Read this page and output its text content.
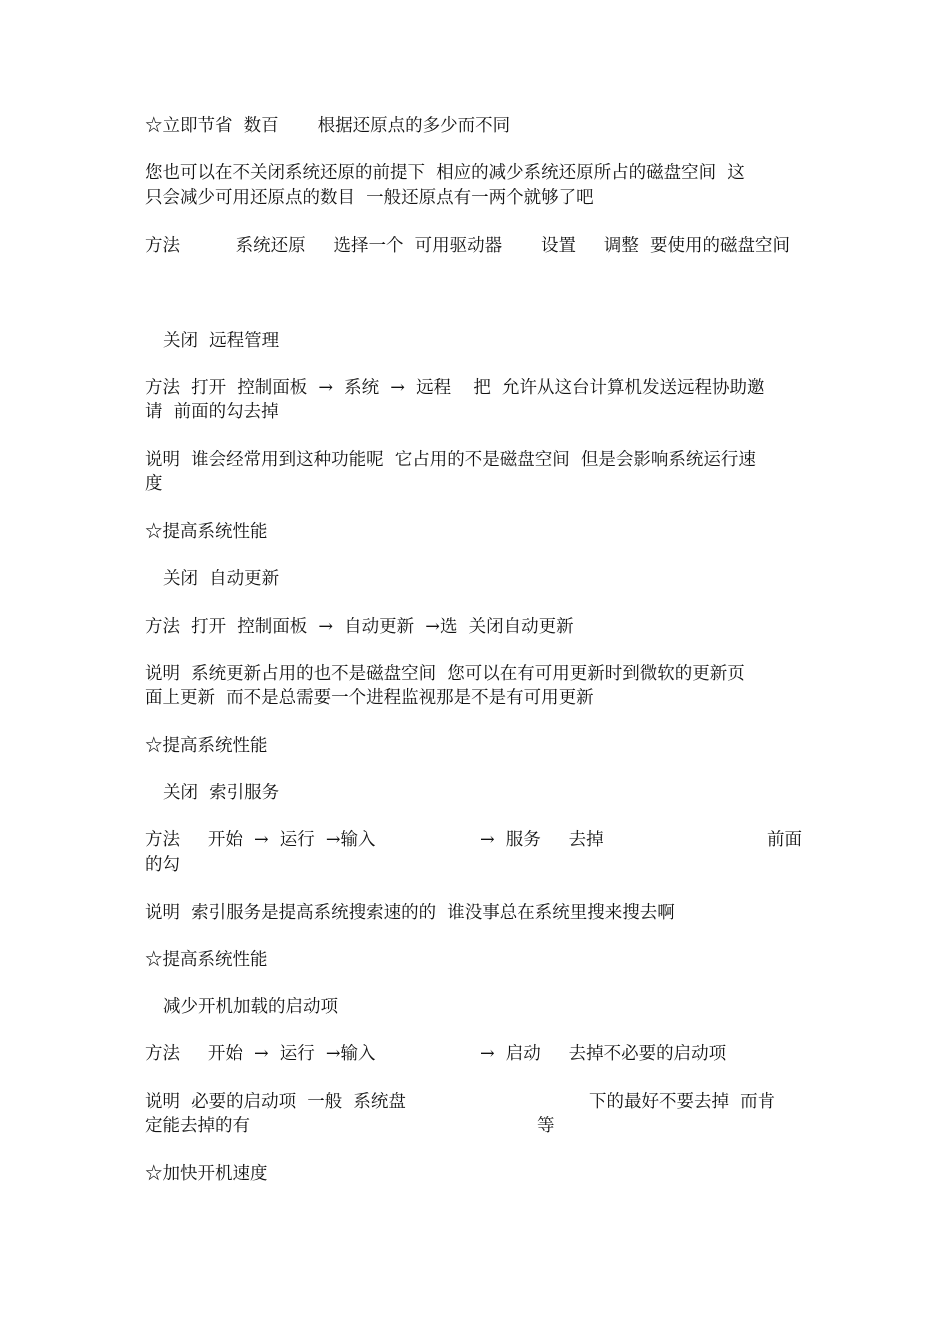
☆立即节省  数百       根据还原点的多少而不同
您也可以在不关闭系统还原的前提下  相应的减少系统还原所占的磁盘空间  这
只会减少可用还原点的数目  一般还原点有一两个就够了吧
方法          系统还原     选择一个  可用驱动器       设置     调整  要使用的磁盘空间
关闭  远程管理
方法  打开  控制面板  →  系统  →  远程    把  允许从这台计算机发送远程协助邀
请  前面的勾去掉
说明  谁会经常用到这种功能呢  它占用的不是磁盘空间  但是会影响系统运行速
度
☆提高系统性能
关闭  自动更新
方法  打开  控制面板  →  自动更新  →选  关闭自动更新
说明  系统更新占用的也不是磁盘空间  您可以在有可用更新时到微软的更新页
面上更新  而不是总需要一个进程监视那是不是有可用更新
☆提高系统性能
关闭  索引服务
方法     开始  →  运行  →输入	→  服务     去掉	前面
的勾
说明  索引服务是提高系统搜索速的的  谁没事总在系统里搜来搜去啊
☆提高系统性能
减少开机加载的启动项
方法     开始  →  运行  →输入	→  启动     去掉不必要的启动项
说明  必要的启动项  一般  系统盘	下的最好不要去掉  而肯
定能去掉的有	等
☆加快开机速度
